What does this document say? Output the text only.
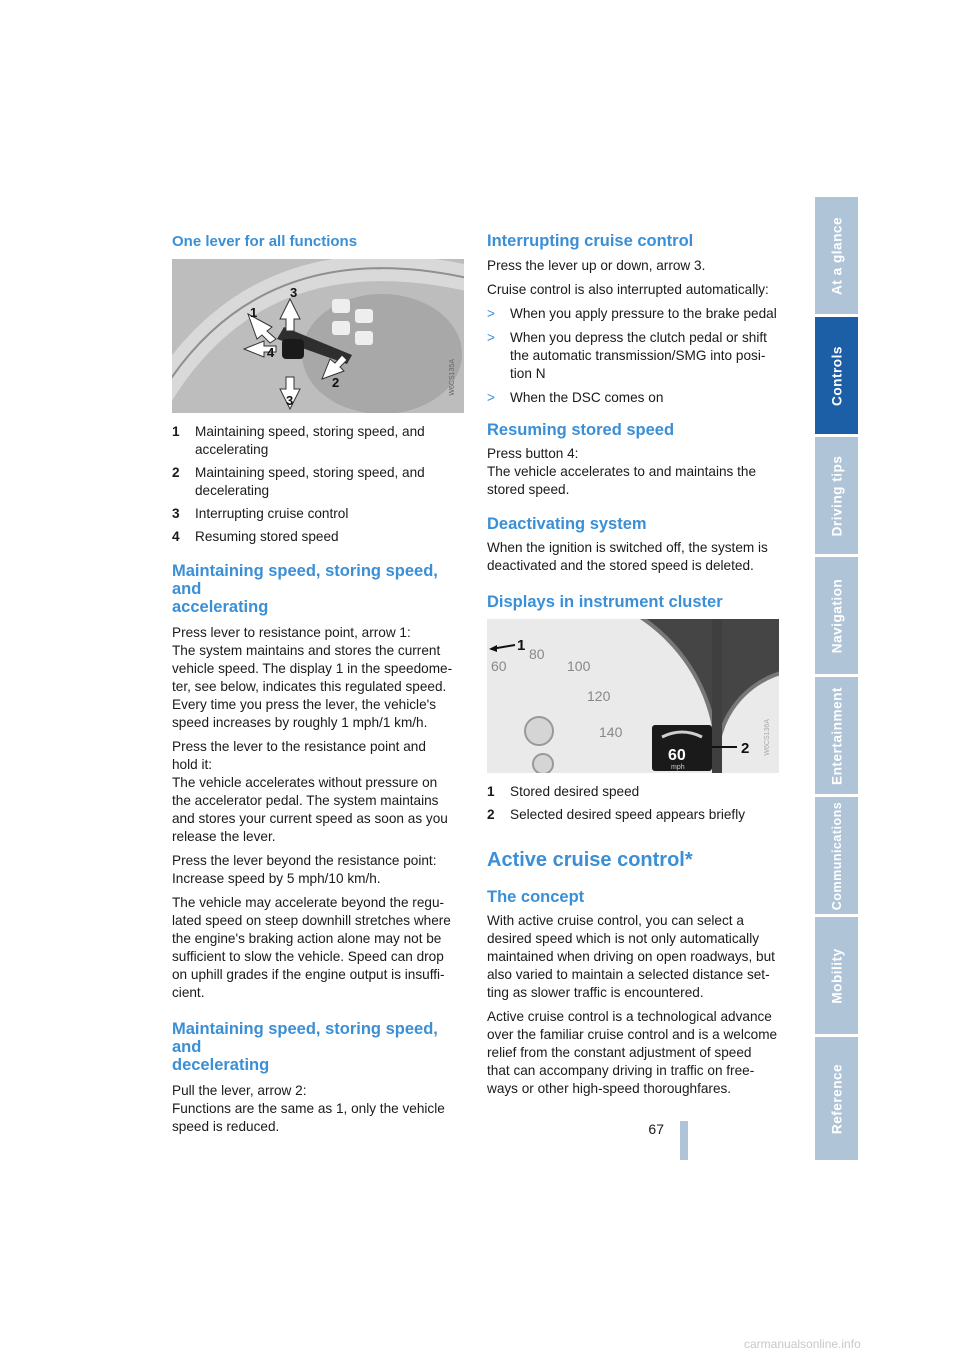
One lever for all functions
3
1
4
2
3
W6CS135A
1	Maintaining speed, storing speed, and
accelerating
2	Maintaining speed, storing speed, and
decelerating
3	Interrupting cruise control
4	Resuming stored speed
Maintaining speed, storing speed, and
accelerating

Press lever to resistance point, arrow 1:
The system maintains and stores the current
vehicle speed. The display 1 in the speedome-
ter, see below, indicates this regulated speed.
Every time you press the lever, the vehicle's
speed increases by roughly 1 mph/1 km/h.

Press the lever to the resistance point and
hold it:
The vehicle accelerates without pressure on
the accelerator pedal. The system maintains
and stores your current speed as soon as you
release the lever.

Press the lever beyond the resistance point:
Increase speed by 5 mph/10 km/h.

The vehicle may accelerate beyond the regu-
lated speed on steep downhill stretches where
the engine's braking action alone may not be
sufficient to slow the vehicle. Speed can drop
on uphill grades if the engine output is insuffi-
cient.

Maintaining speed, storing speed, and
decelerating

Pull the lever, arrow 2:
Functions are the same as 1, only the vehicle
speed is reduced.

Interrupting cruise control

Press the lever up or down, arrow 3.

Cruise control is also interrupted automatically:

>	When you apply pressure to the brake pedal
>	When you depress the clutch pedal or shift
the automatic transmission/SMG into posi-
tion N
>	When the DSC comes on
Resuming stored speed

Press button 4:
The vehicle accelerates to and maintains the
stored speed.

Deactivating system

When the ignition is switched off, the system is
deactivated and the stored speed is deleted.

Displays in instrument cluster
60
80
100
120
140
60
mph
1
2	W6CS136A
1	Stored desired speed
2	Selected desired speed appears briefly
Active cruise control*
The concept

With active cruise control, you can select a
desired speed which is not only automatically
maintained when driving on open roadways, but
also varied to maintain a selected distance set-
ting as slower traffic is encountered.

Active cruise control is a technological advance
over the familiar cruise control and is a welcome
relief from the constant adjustment of speed
that can accompany driving in traffic on free-
ways or other high-speed thoroughfares.

At a glance
Controls
Driving tips
Navigation
Entertainment
Communications
Mobility
Reference
67
carmanualsonline.info
